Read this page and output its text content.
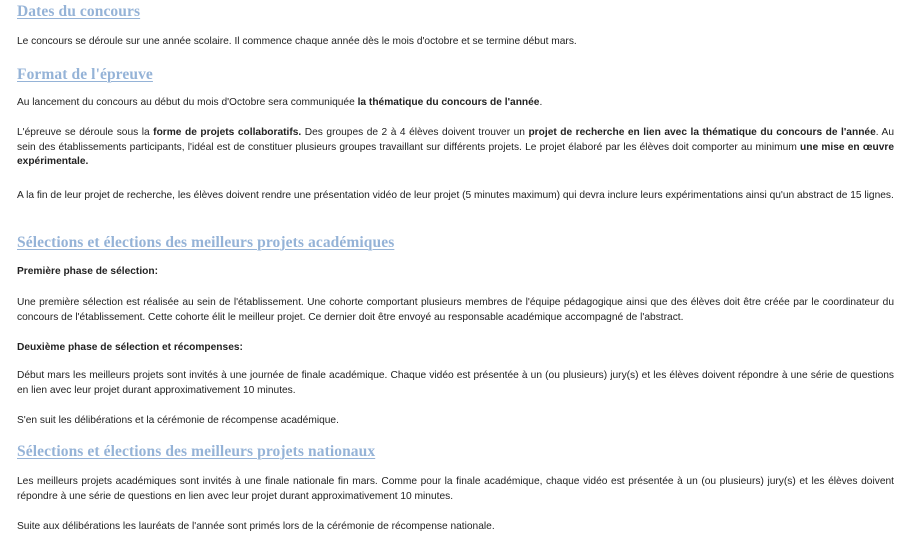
Dates du concours

Le concours se déroule sur une année scolaire. Il commence chaque année dès le mois d'octobre et se termine début mars.

Format de l'épreuve

Au lancement du concours au début du mois d'Octobre sera communiquée la thématique du concours de l'année.

L'épreuve se déroule sous la forme de projets collaboratifs. Des groupes de 2 à 4 élèves doivent trouver un projet de recherche en lien avec la thématique du concours de l'année. Au sein des établissements participants, l'idéal est de constituer plusieurs groupes travaillant sur différents projets. Le projet élaboré par les élèves doit comporter au minimum une mise en œuvre expérimentale.

A la fin de leur projet de recherche, les élèves doivent rendre une présentation vidéo de leur projet (5 minutes maximum) qui devra inclure leurs expérimentations ainsi qu'un abstract de 15 lignes.

Sélections et élections des meilleurs projets académiques

Première phase de sélection:

Une première sélection est réalisée au sein de l'établissement. Une cohorte comportant plusieurs membres de l'équipe pédagogique ainsi que des élèves doit être créée par le coordinateur du concours de l'établissement. Cette cohorte élit le meilleur projet. Ce dernier doit être envoyé au responsable académique accompagné de l'abstract.

Deuxième phase de sélection et récompenses:

Début mars les meilleurs projets sont invités à une journée de finale académique. Chaque vidéo est présentée à un (ou plusieurs) jury(s) et les élèves doivent répondre à une série de questions en lien avec leur projet durant approximativement 10 minutes.

S'en suit les délibérations et la cérémonie de récompense académique.

Sélections et élections des meilleurs projets nationaux

Les meilleurs projets académiques sont invités à une finale nationale fin mars. Comme pour la finale académique, chaque vidéo est présentée à un (ou plusieurs) jury(s) et les élèves doivent répondre à une série de questions en lien avec leur projet durant approximativement 10 minutes.

Suite aux délibérations les lauréats de l'année sont primés lors de la cérémonie de récompense nationale.
